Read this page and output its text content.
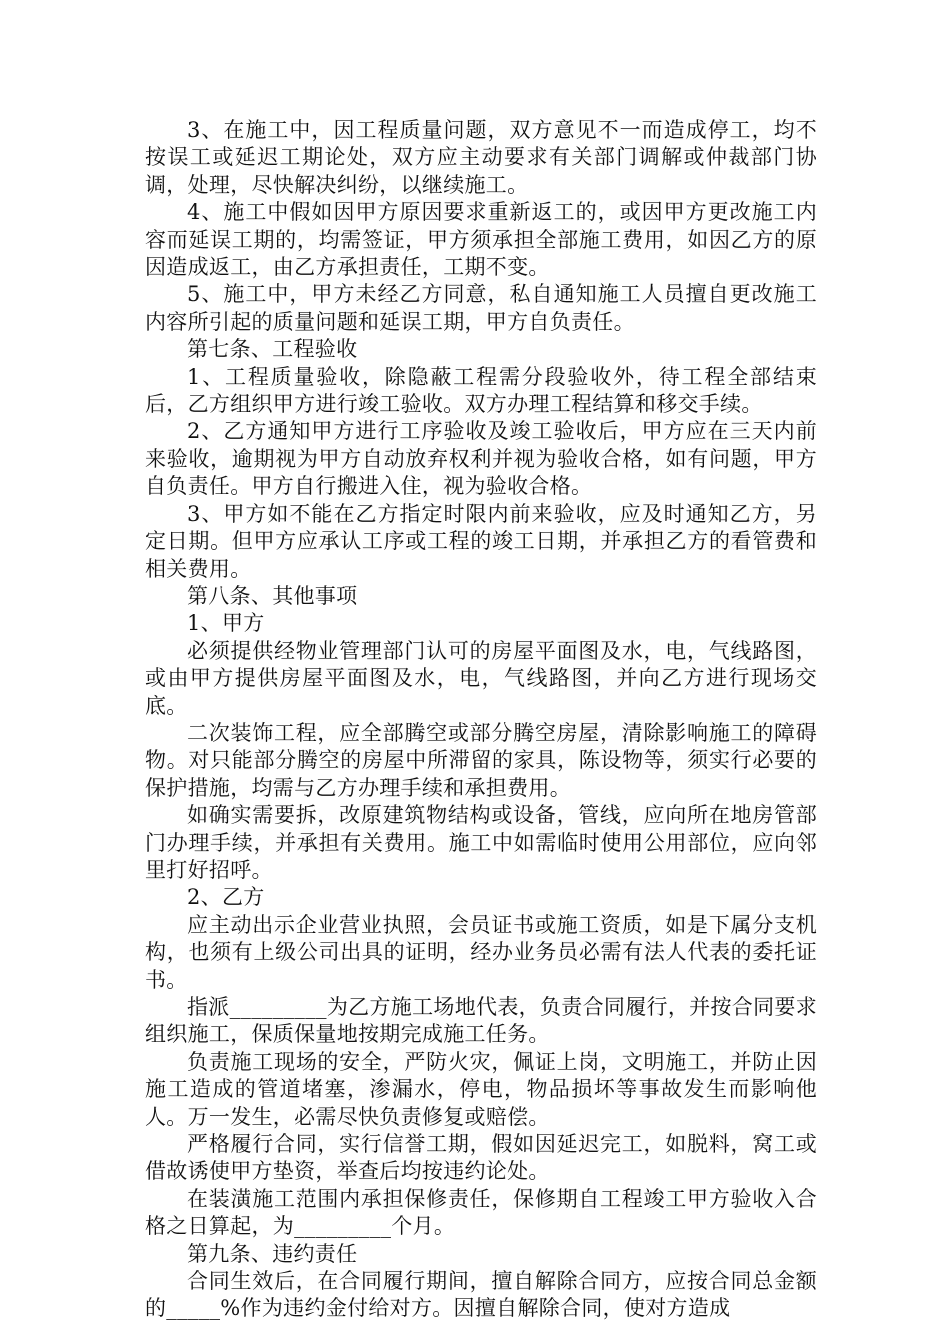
3、在施工中，因工程质量问题，双方意见不一而造成停工，均不按误工或延迟工期论处，双方应主动要求有关部门调解或仲裁部门协调，处理，尽快解决纠纷，以继续施工。

4、施工中假如因甲方原因要求重新返工的，或因甲方更改施工内容而延误工期的，均需签证，甲方须承担全部施工费用，如因乙方的原因造成返工，由乙方承担责任，工期不变。

5、施工中，甲方未经乙方同意，私自通知施工人员擅自更改施工内容所引起的质量问题和延误工期，甲方自负责任。

第七条、工程验收

1、工程质量验收，除隐蔽工程需分段验收外，待工程全部结束后，乙方组织甲方进行竣工验收。双方办理工程结算和移交手续。

2、乙方通知甲方进行工序验收及竣工验收后，甲方应在三天内前来验收，逾期视为甲方自动放弃权利并视为验收合格，如有问题，甲方自负责任。甲方自行搬进入住，视为验收合格。

3、甲方如不能在乙方指定时限内前来验收，应及时通知乙方，另定日期。但甲方应承认工序或工程的竣工日期，并承担乙方的看管费和相关费用。

第八条、其他事项

1、甲方

必须提供经物业管理部门认可的房屋平面图及水，电，气线路图，或由甲方提供房屋平面图及水，电，气线路图，并向乙方进行现场交底。

二次装饰工程，应全部腾空或部分腾空房屋，清除影响施工的障碍物。对只能部分腾空的房屋中所滞留的家具，陈设物等，须实行必要的保护措施，均需与乙方办理手续和承担费用。

如确实需要拆，改原建筑物结构或设备，管线，应向所在地房管部门办理手续，并承担有关费用。施工中如需临时使用公用部位，应向邻里打好招呼。

2、乙方

应主动出示企业营业执照，会员证书或施工资质，如是下属分支机构，也须有上级公司出具的证明，经办业务员必需有法人代表的委托证书。

指派_________为乙方施工场地代表，负责合同履行，并按合同要求组织施工，保质保量地按期完成施工任务。

负责施工现场的安全，严防火灾，佩证上岗，文明施工，并防止因施工造成的管道堵塞，渗漏水，停电，物品损坏等事故发生而影响他人。万一发生，必需尽快负责修复或赔偿。

严格履行合同，实行信誉工期，假如因延迟完工，如脱料，窝工或借故诱使甲方垫资，举查后均按违约论处。

在装潢施工范围内承担保修责任，保修期自工程竣工甲方验收入合格之日算起，为_________个月。

第九条、违约责任

合同生效后，在合同履行期间，擅自解除合同方，应按合同总金额的_____%作为违约金付给对方。因擅自解除合同，使对方造成
